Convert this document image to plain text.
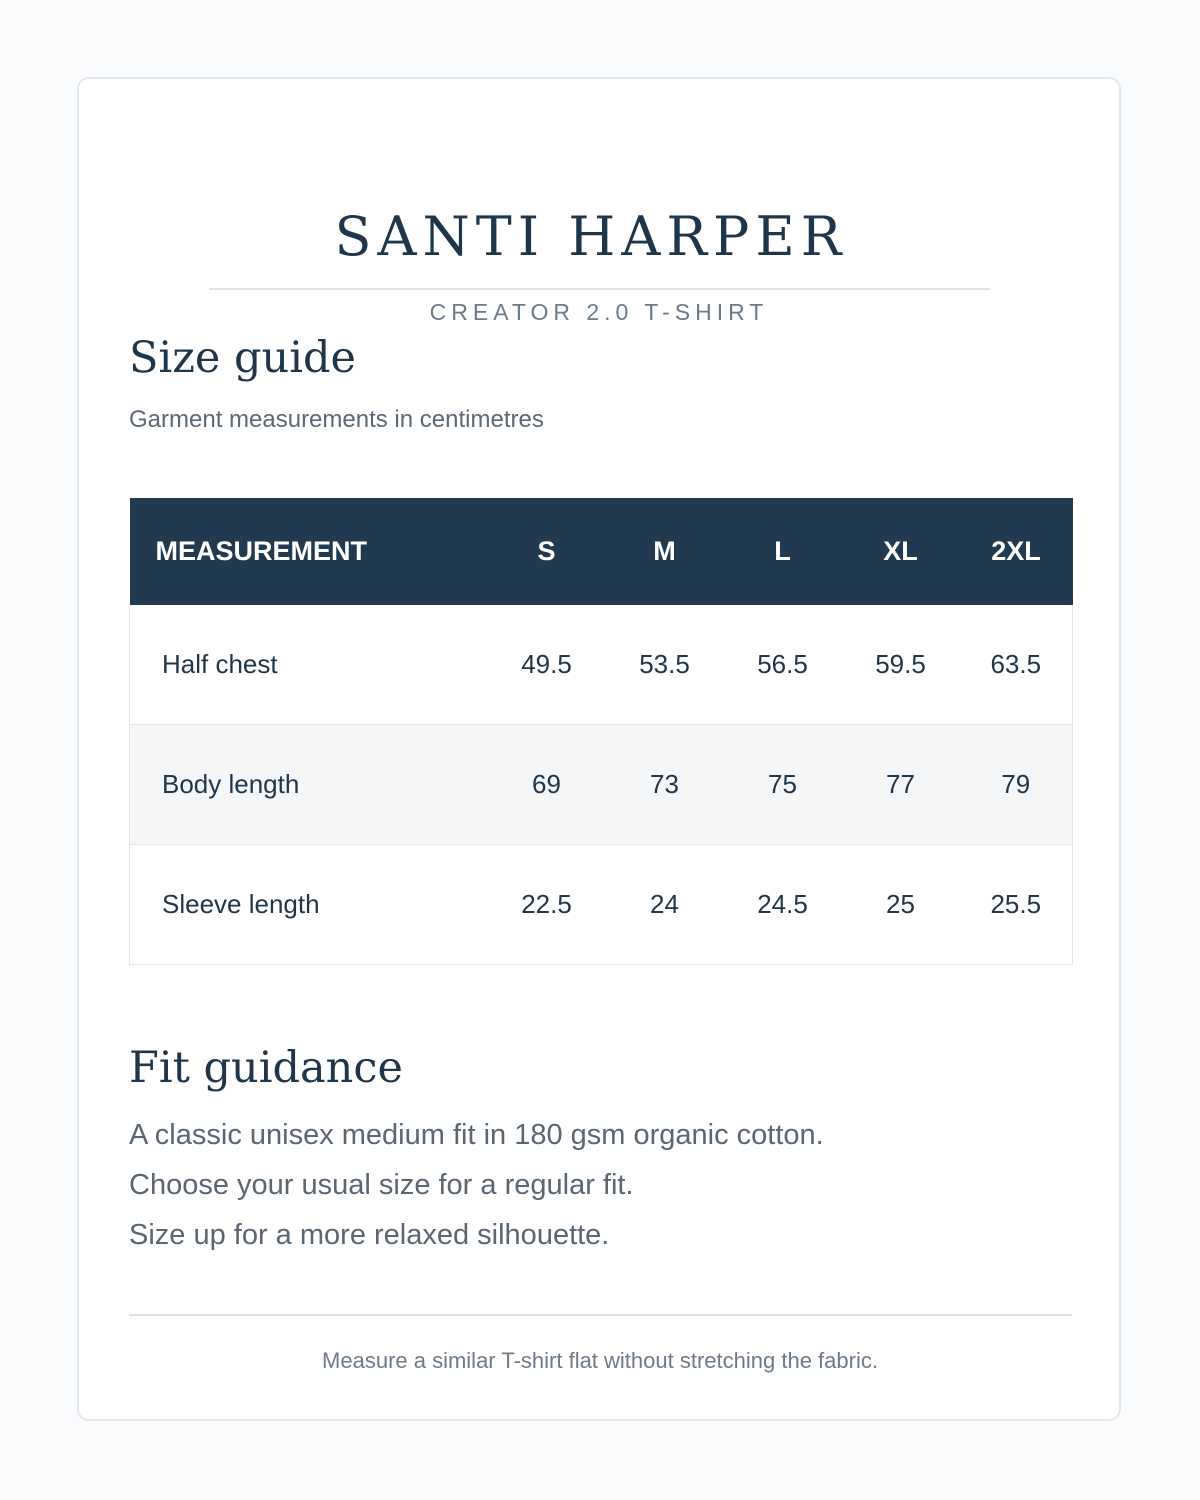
SANTI HARPER
CREATOR 2.0 T-SHIRT
Size guide
Garment measurements in centimetres
MEASUREMENT	S	M	L	XL	2XL
Half chest	49.5	53.5	56.5	59.5	63.5
Body length	69	73	75	77	79
Sleeve length	22.5	24	24.5	25	25.5
Fit guidance
A classic unisex medium fit in 180 gsm organic cotton.
Choose your usual size for a regular fit.
Size up for a more relaxed silhouette.
Measure a similar T-shirt flat without stretching the fabric.
